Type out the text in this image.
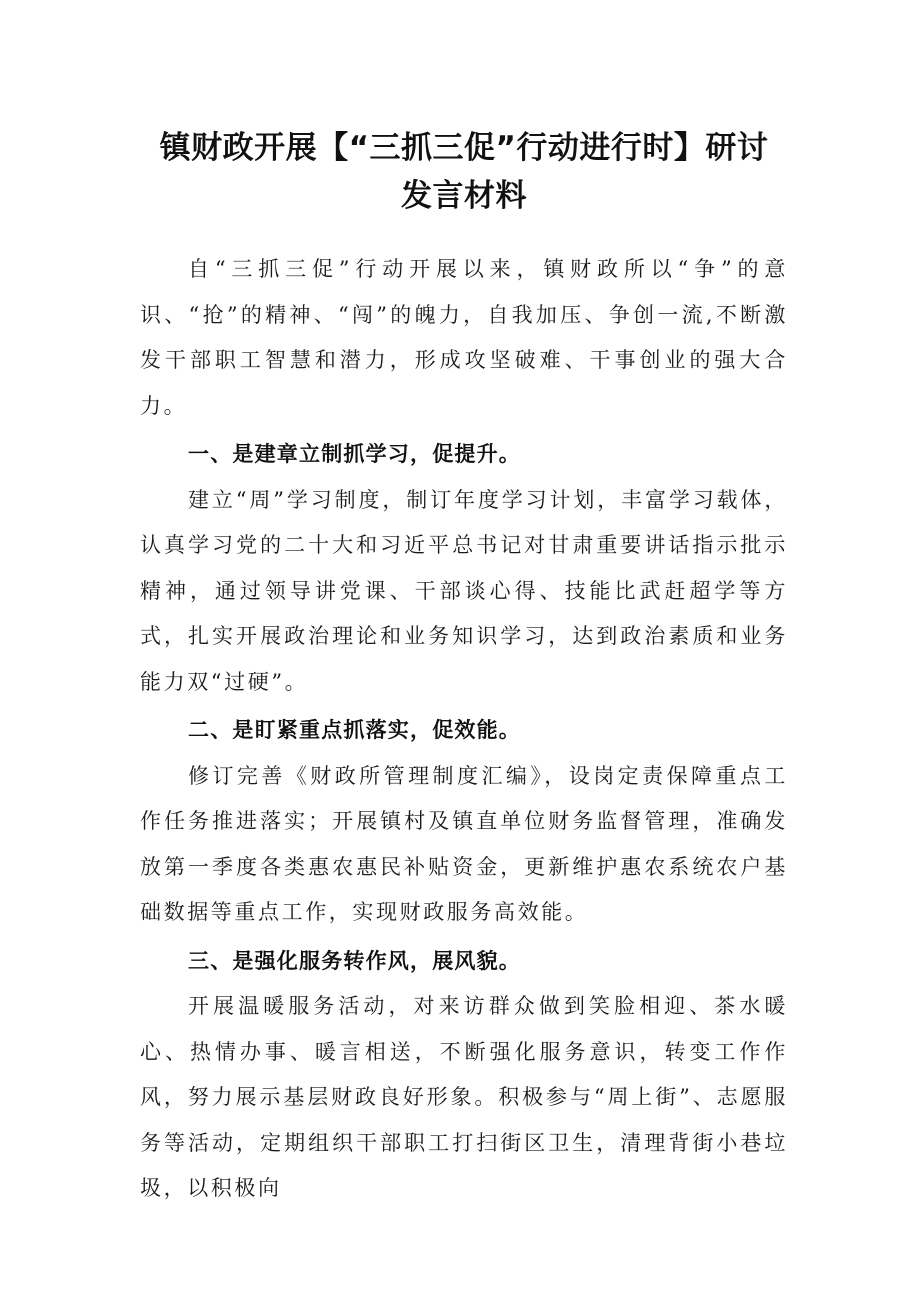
镇财政开展【“三抓三促”行动进行时】研讨
发言材料

自“三抓三促”行动开展以来，镇财政所以“争”的意识、“抢”的精神、“闯”的魄力，自我加压、争创一流,不断激发干部职工智慧和潜力，形成攻坚破难、干事创业的强大合力。

一、是建章立制抓学习，促提升。

建立“周”学习制度，制订年度学习计划，丰富学习载体，认真学习党的二十大和习近平总书记对甘肃重要讲话指示批示精神，通过领导讲党课、干部谈心得、技能比武赶超学等方式，扎实开展政治理论和业务知识学习，达到政治素质和业务能力双“过硬”。

二、是盯紧重点抓落实，促效能。

修订完善《财政所管理制度汇编》，设岗定责保障重点工作任务推进落实；开展镇村及镇直单位财务监督管理，准确发放第一季度各类惠农惠民补贴资金，更新维护惠农系统农户基础数据等重点工作，实现财政服务高效能。

三、是强化服务转作风，展风貌。

开展温暖服务活动，对来访群众做到笑脸相迎、茶水暖心、热情办事、暖言相送，不断强化服务意识，转变工作作风，努力展示基层财政良好形象。积极参与“周上街”、志愿服务等活动，定期组织干部职工打扫街区卫生，清理背街小巷垃圾，以积极向
